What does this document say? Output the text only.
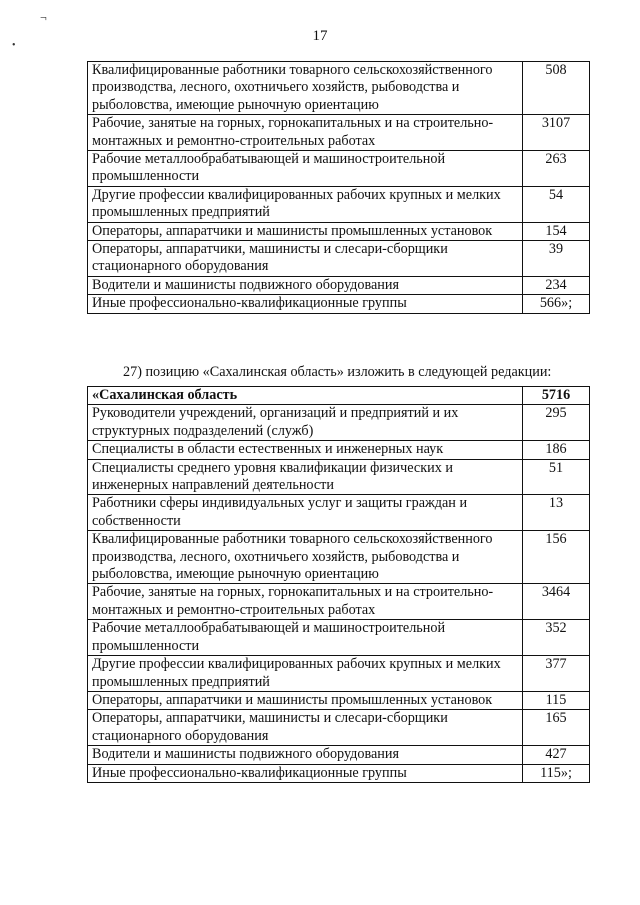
¬
•
17
Квалифицированные работники товарного сельскохозяйственного производства, лесного, охотничьего хозяйств, рыбоводства и рыболовства, имеющие рыночную ориентацию	508
Рабочие, занятые на горных, горнокапитальных и на строительно-монтажных и ремонтно-строительных работах	3107
Рабочие металлообрабатывающей и машиностроительной промышленности	263
Другие профессии квалифицированных рабочих крупных и мелких промышленных предприятий	54
Операторы, аппаратчики и машинисты промышленных установок	154
Операторы, аппаратчики, машинисты и слесари-сборщики стационарного оборудования	39
Водители и машинисты подвижного оборудования	234
Иные профессионально-квалификационные группы	566»;
27) позицию «Сахалинская область» изложить в следующей редакции:
«Сахалинская область	5716
Руководители учреждений, организаций и предприятий и их структурных подразделений (служб)	295
Специалисты в области естественных и инженерных наук	186
Специалисты среднего уровня квалификации физических и инженерных направлений деятельности	51
Работники сферы индивидуальных услуг и защиты граждан и собственности	13
Квалифицированные работники товарного сельскохозяйственного производства, лесного, охотничьего хозяйств, рыбоводства и рыболовства, имеющие рыночную ориентацию	156
Рабочие, занятые на горных, горнокапитальных и на строительно-монтажных и ремонтно-строительных работах	3464
Рабочие металлообрабатывающей и машиностроительной промышленности	352
Другие профессии квалифицированных рабочих крупных и мелких промышленных предприятий	377
Операторы, аппаратчики и машинисты промышленных установок	115
Операторы, аппаратчики, машинисты и слесари-сборщики стационарного оборудования	165
Водители и машинисты подвижного оборудования	427
Иные профессионально-квалификационные группы	115»;
